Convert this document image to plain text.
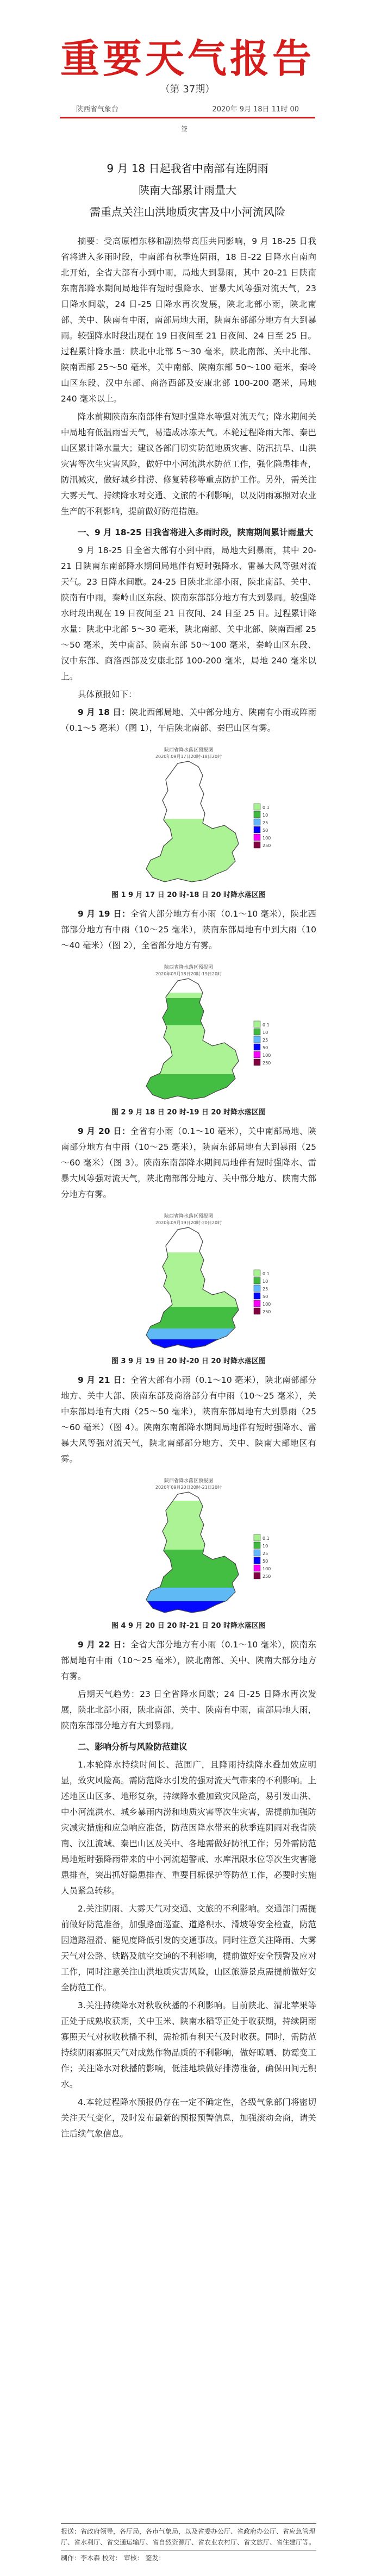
重要天气报告
（第 37期）
陕西省气象台	2020年 9月 18日 11时 00
签
9 月 18 日起我省中南部有连阴雨
陕南大部累计雨量大
需重点关注山洪地质灾害及中小河流风险

摘要：受高原槽东移和副热带高压共同影响，9 月 18-25 日我省将进入多雨时段，中南部有秋季连阴雨，18 日-22 日降水自南向北开始，全省大部有小到中雨，局地大到暴雨，其中 20-21 日陕南东南部降水期间局地伴有短时强降水、雷暴大风等强对流天气，23 日降水间歇，24 日-25 日降水再次发展，陕北北部小雨，陕北南部、关中、陕南有中雨，南部局地大雨，陕南东部部分地方有大到暴雨。较强降水时段出现在 19 日夜间至 21 日夜间、24 日至 25 日。过程累计降水量：陕北中北部 5～30 毫米，陕北南部、关中北部、陕南西部 25～50 毫米，关中南部、陕南东部 50～100 毫米，秦岭山区东段、汉中东部、商洛西部及安康北部 100-200 毫米，局地 240 毫米以上。

降水前期陕南东南部伴有短时强降水等强对流天气；降水期间关中局地有低温雨雪天气，易造成冰冻天气。本轮过程降雨大部、秦巴山区累计降水量大；建议各部门切实防范地质灾害、防汛抗旱、山洪灾害等次生灾害风险，做好中小河流洪水防范工作，强化隐患排查，防汛减灾，做好城乡排涝、修复转移等重点防护工作。另外，需关注大雾天气、持续降水对交通、文旅的不利影响，以及阴雨寡照对农业生产的不利影响，提前做好防范措施。

一、9 月 18-25 日我省将进入多雨时段，陕南期间累计雨量大

9 月 18-25 日全省大部有小到中雨，局地大到暴雨，其中 20-21 日陕南东南部降水期间局地伴有短时强降水、雷暴大风等强对流天气。23 日降水间歇。24-25 日陕北北部小雨，陕北南部、关中、陕南有中雨，秦岭山区东段、陕南东部部分地方有大到暴雨。较强降水时段出现在 19 日夜间至 21 日夜间、24 日至 25 日。过程累计降水量：陕北中北部 5～30 毫米，陕北南部、关中北部、陕南西部 25～50 毫米，关中南部、陕南东部 50～100 毫米，秦岭山区东段、汉中东部、商洛西部及安康北部 100-200 毫米，局地 240 毫米以上。

具体预报如下：

9 月 18 日：陕北西部局地、关中部分地方、陕南有小雨或阵雨（0.1～5 毫米）（图 1），午后陕北南部、秦巴山区有雾。

陕西省降水落区预报图
2020年09月17日20时-18日20时
0.1
10
25
50
100
250
图 1 9 月 17 日 20 时-18 日 20 时降水落区图

9 月 19 日：全省大部分地方有小雨（0.1～10 毫米），陕北西部部分地方有中雨（10～25 毫米），陕南东部局地有中到大雨（10～40 毫米）（图 2），全省部分地方有雾。

陕西省降水落区预报图
2020年09月18日20时-19日20时
0.1
10
25
50
100
250
图 2 9 月 18 日 20 时-19 日 20 时降水落区图

9 月 20 日：全省有小雨（0.1～10 毫米），关中南部局地、陕南部分地方有中雨（10～25 毫米），陕南东部局地有大到暴雨（25～60 毫米）（图 3）。陕南东南部降水期间局地伴有短时强降水、雷暴大风等强对流天气，陕北南部部分地方、关中部分地方、陕南大部分地方有雾。

陕西省降水落区预报图
2020年09月19日20时-20日20时
0.1
10
25
50
100
250
图 3 9 月 19 日 20 时-20 日 20 时降水落区图

9 月 21 日：全省大部有小雨（0.1～10 毫米），陕北南部部分地方、关中大部、陕南东部及商洛部分有中雨（10～25 毫米），关中东部局地有大雨（25～50 毫米），陕南东部局地有大到暴雨（25～60 毫米）（图 4）。陕南东南部降水期间局地伴有短时强降水、雷暴大风等强对流天气，陕北南部部分地方、关中、陕南大部地区有雾。

陕西省降水落区预报图
2020年09月20日20时-21日20时
0.1
10
25
50
100
250
图 4 9 月 20 日 20 时-21 日 20 时降水落区图

9 月 22 日：全省大部分地方有小雨（0.1～10 毫米），陕南东部局地有中雨（10～25 毫米），陕北南部、关中、陕南大部分地方有雾。

后期天气趋势：23 日全省降水间歇；24 日-25 日降水再次发展，陕北北部小雨，陕北南部、关中、陕南有中雨，南部局地大雨，陕南东部部分地方有大到暴雨。

二、影响分析与风险防范建议

1.本轮降水持续时间长、范围广，且降雨持续降水叠加效应明显，致灾风险高。需防范降水引发的强对流天气带来的不利影响。上述地区山区多、地形复杂，持续降水叠加致灾风险高，易引发山洪、中小河流洪水、城乡暴雨内涝和地质灾害等次生灾害，需提前加强防灾减灾措施和应急响应准备，防范因降水带来的秋季连阴雨对我省陕南、汉江流域、秦巴山区及关中、各地需做好防汛工作；另外需防范局地短时强降雨带来的中小河流超警戒、水库汛限水位等次生灾害隐患排查，突出抓好隐患排查、重要目标保护等防范工作，必要时实施人员紧急转移。

2.关注阴雨、大雾天气对交通、文旅的不利影响。交通部门需提前做好防范准备，加强路面巡查、道路积水、滑坡等安全检查，防范因道路湿滑、能见度降低引发的交通事故。同时注意关注降雨、大雾天气对公路、铁路及航空交通的不利影响，提前做好安全预警及应对工作，同时注意关注山洪地质灾害风险，山区旅游景点需提前做好安全防范工作。

3.关注持续降水对秋收秋播的不利影响。目前陕北、渭北苹果等正处于成熟收获期，关中玉米、陕南水稻等正处于收获期，持续阴雨寡照天气对秋收秋播不利，需抢抓有利天气及时收获。同时，需防范持续阴雨寡照天气对成熟作物品质的不利影响，做好晾晒、防霉变工作；关注降水对秋播的影响，低洼地块做好排涝准备，确保田间无积水。

4.本轮过程降水预报仍存在一定不确定性，各级气象部门将密切关注天气变化，及时发布最新的预报预警信息，加强滚动会商，请关注后续气象信息。

报送：省政府领导，各厅局，各市气象局，以及省委办公厅、省政府办公厅、省应急管理厅、省水利厅、省交通运输厅、省自然资源厅、省农业农村厅、省文旅厅、省住建厅等。
制作：李木森 校对： 审核： 签发：
